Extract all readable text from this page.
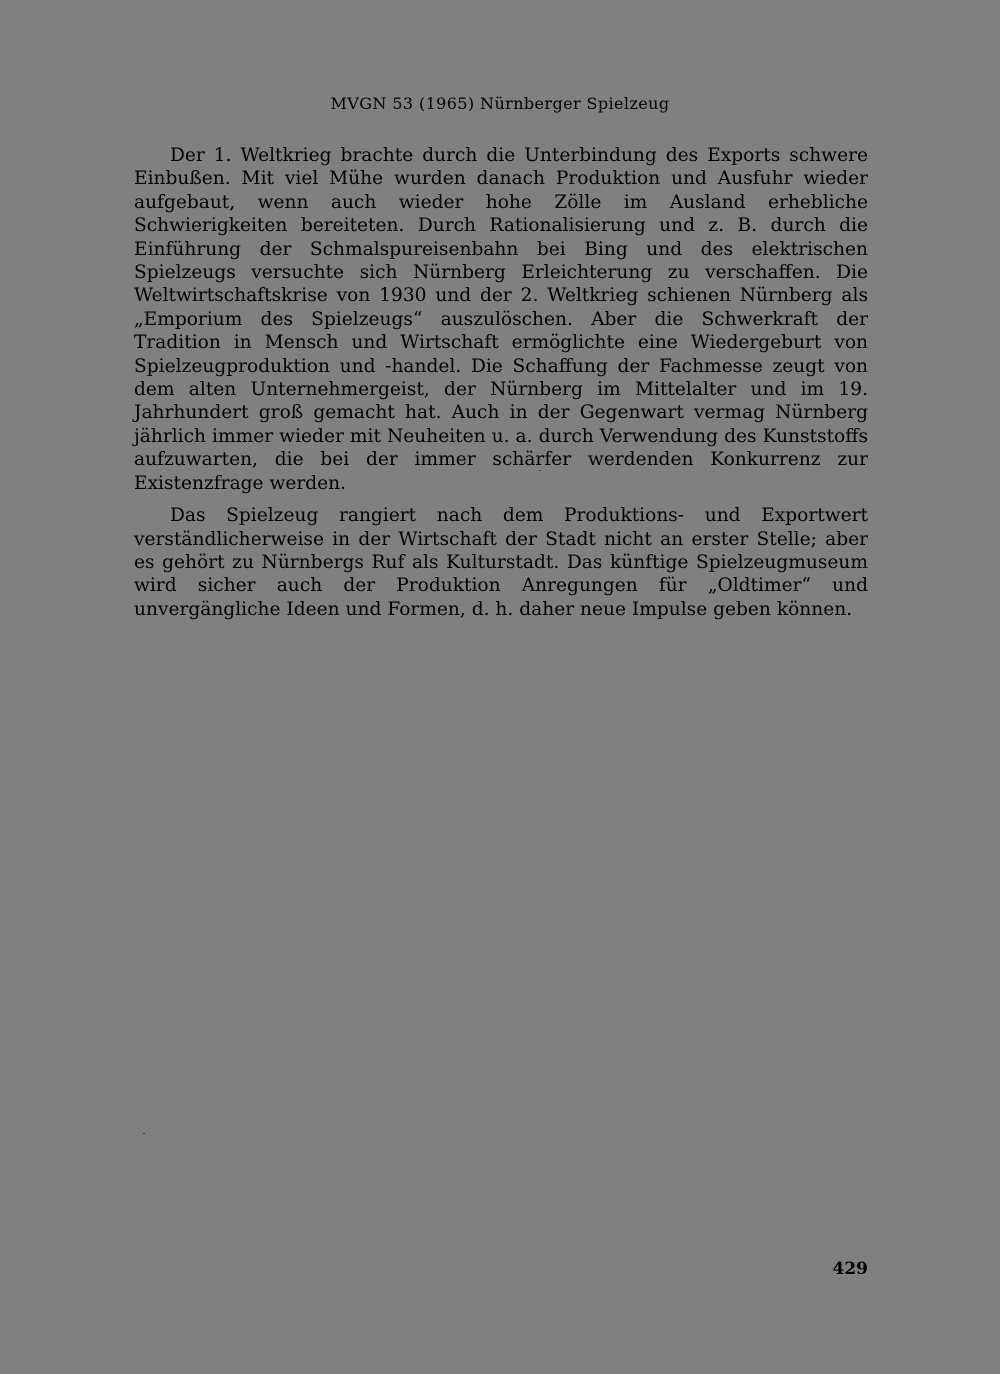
MVGN 53 (1965) Nürnberger Spielzeug

Der 1. Weltkrieg brachte durch die Unterbindung des Exports schwere Einbußen. Mit viel Mühe wurden danach Produktion und Ausfuhr wieder aufgebaut, wenn auch wieder hohe Zölle im Ausland erhebliche Schwierigkeiten bereiteten. Durch Rationalisierung und z. B. durch die Einführung der Schmalspureisenbahn bei Bing und des elektrischen Spielzeugs versuchte sich Nürnberg Erleichterung zu verschaffen. Die Weltwirtschaftskrise von 1930 und der 2. Weltkrieg schienen Nürnberg als „Emporium des Spielzeugs“ auszulöschen. Aber die Schwerkraft der Tradition in Mensch und Wirtschaft ermöglichte eine Wiedergeburt von Spielzeugproduktion und -handel. Die Schaffung der Fachmesse zeugt von dem alten Unternehmergeist, der Nürnberg im Mittelalter und im 19. Jahrhundert groß gemacht hat. Auch in der Gegenwart vermag Nürnberg jährlich immer wieder mit Neuheiten u. a. durch Verwendung des Kunststoffs aufzuwarten, die bei der immer schärfer werdenden Konkurrenz zur Existenzfrage werden.

Das Spielzeug rangiert nach dem Produktions- und Exportwert verständlicherweise in der Wirtschaft der Stadt nicht an erster Stelle; aber es gehört zu Nürnbergs Ruf als Kulturstadt. Das künftige Spielzeugmuseum wird sicher auch der Produktion Anregungen für „Oldtimer“ und unvergängliche Ideen und Formen, d. h. daher neue Impulse geben können.

429
